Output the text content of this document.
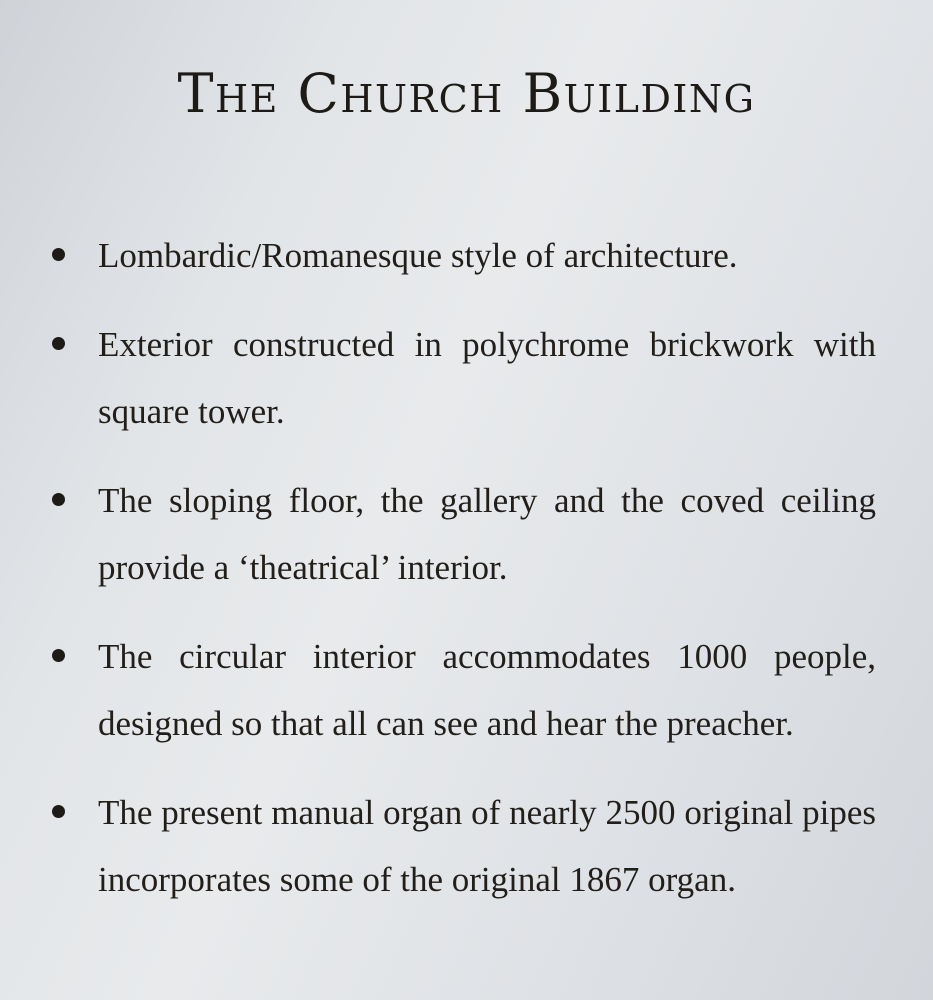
The Church Building
Lombardic/Romanesque style of architecture.
Exterior constructed in polychrome brickwork with square tower.
The sloping floor, the gallery and the coved ceiling provide a ‘theatrical’ interior.
The circular interior accommodates 1000 people, designed so that all can see and hear the preacher.
The present manual organ of nearly 2500 original pipes incorporates some of the original 1867 organ.
